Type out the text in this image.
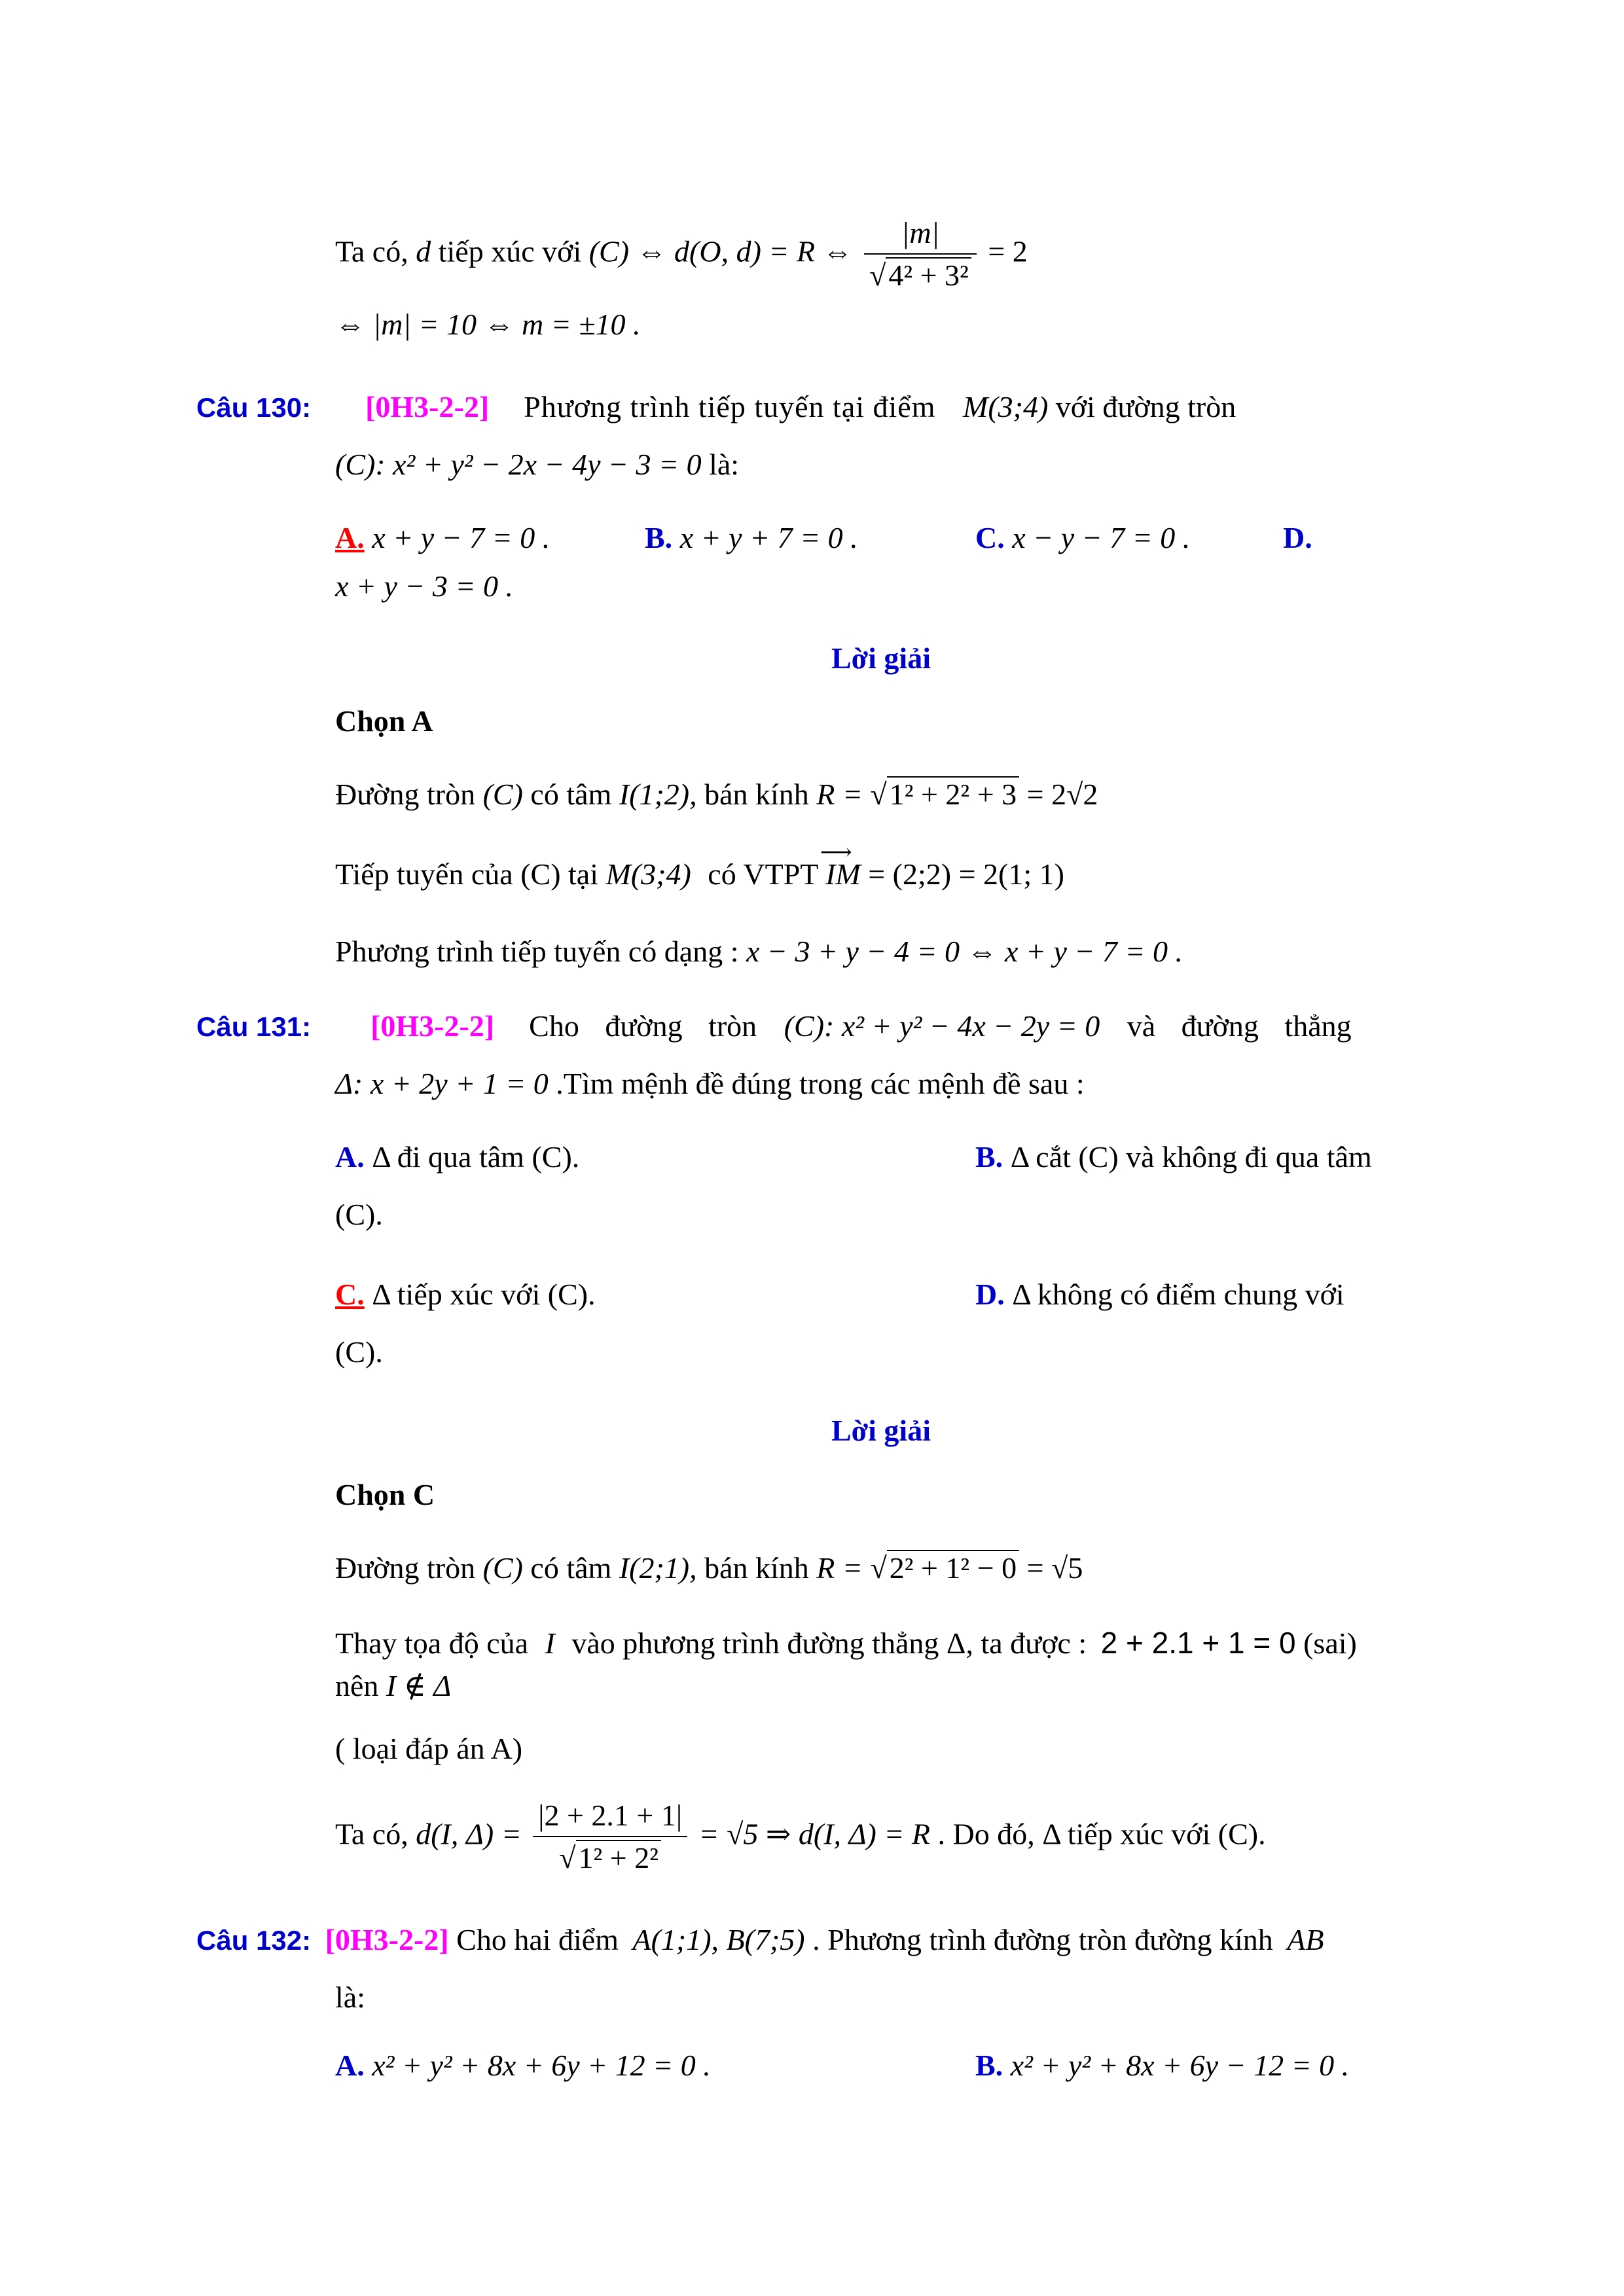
Ta có, d tiếp xúc với (C) ⇔ d(O, d) = R ⇔ $\frac{|m|}{\text{√4² + 3²}} = 2$
⇔ |m| = 10 ⇔ m = ±10 .
Câu 130: [0H3-2-2] Phương trình tiếp tuyến tại điểm M(3;4) với đường tròn
(C): x² + y² − 2x − 4y − 3 = 0 là:
A. x + y − 7 = 0 .	B. x + y + 7 = 0 .	C. x − y − 7 = 0 .	D.
x + y − 3 = 0 .
Lời giải
Chọn A
Đường tròn (C) có tâm I(1;2), bán kính R = √1² + 2² + 3 = 2√2
Tiếp tuyến của (C) tại M(3;4) có VTPT IM⟶ = (2;2) = 2(1; 1)
Phương trình tiếp tuyến có dạng : x − 3 + y − 4 = 0 ⇔ x + y − 7 = 0 .
Câu 131: [0H3-2-2] Cho đường tròn (C): x² + y² − 4x − 2y = 0 và đường thẳng
Δ: x + 2y + 1 = 0 .Tìm mệnh đề đúng trong các mệnh đề sau :
A. Δ đi qua tâm (C).	B. Δ cắt (C) và không đi qua tâm
(C).
C. Δ tiếp xúc với (C).	D. Δ không có điểm chung với
(C).
Lời giải
Chọn C
Đường tròn (C) có tâm I(2;1), bán kính R = √2² + 1² − 0 = √5
Thay tọa độ của I vào phương trình đường thẳng Δ, ta được : 2 + 2.1 + 1 = 0 (sai)
nên I ∉ Δ
( loại đáp án A)
Ta có, d(I, $\Delta) = \frac{|2 + 2.1 + 1|}{\text{√1² + 2²}} = √5$ ⇒ d(I, Δ) = R . Do đó, Δ tiếp xúc với (C).
Câu 132: [0H3-2-2] Cho hai điểm A(1;1), B(7;5) . Phương trình đường tròn đường kính AB
là:
A. x² + y² + 8x + 6y + 12 = 0 .	B. x² + y² + 8x + 6y − 12 = 0 .
